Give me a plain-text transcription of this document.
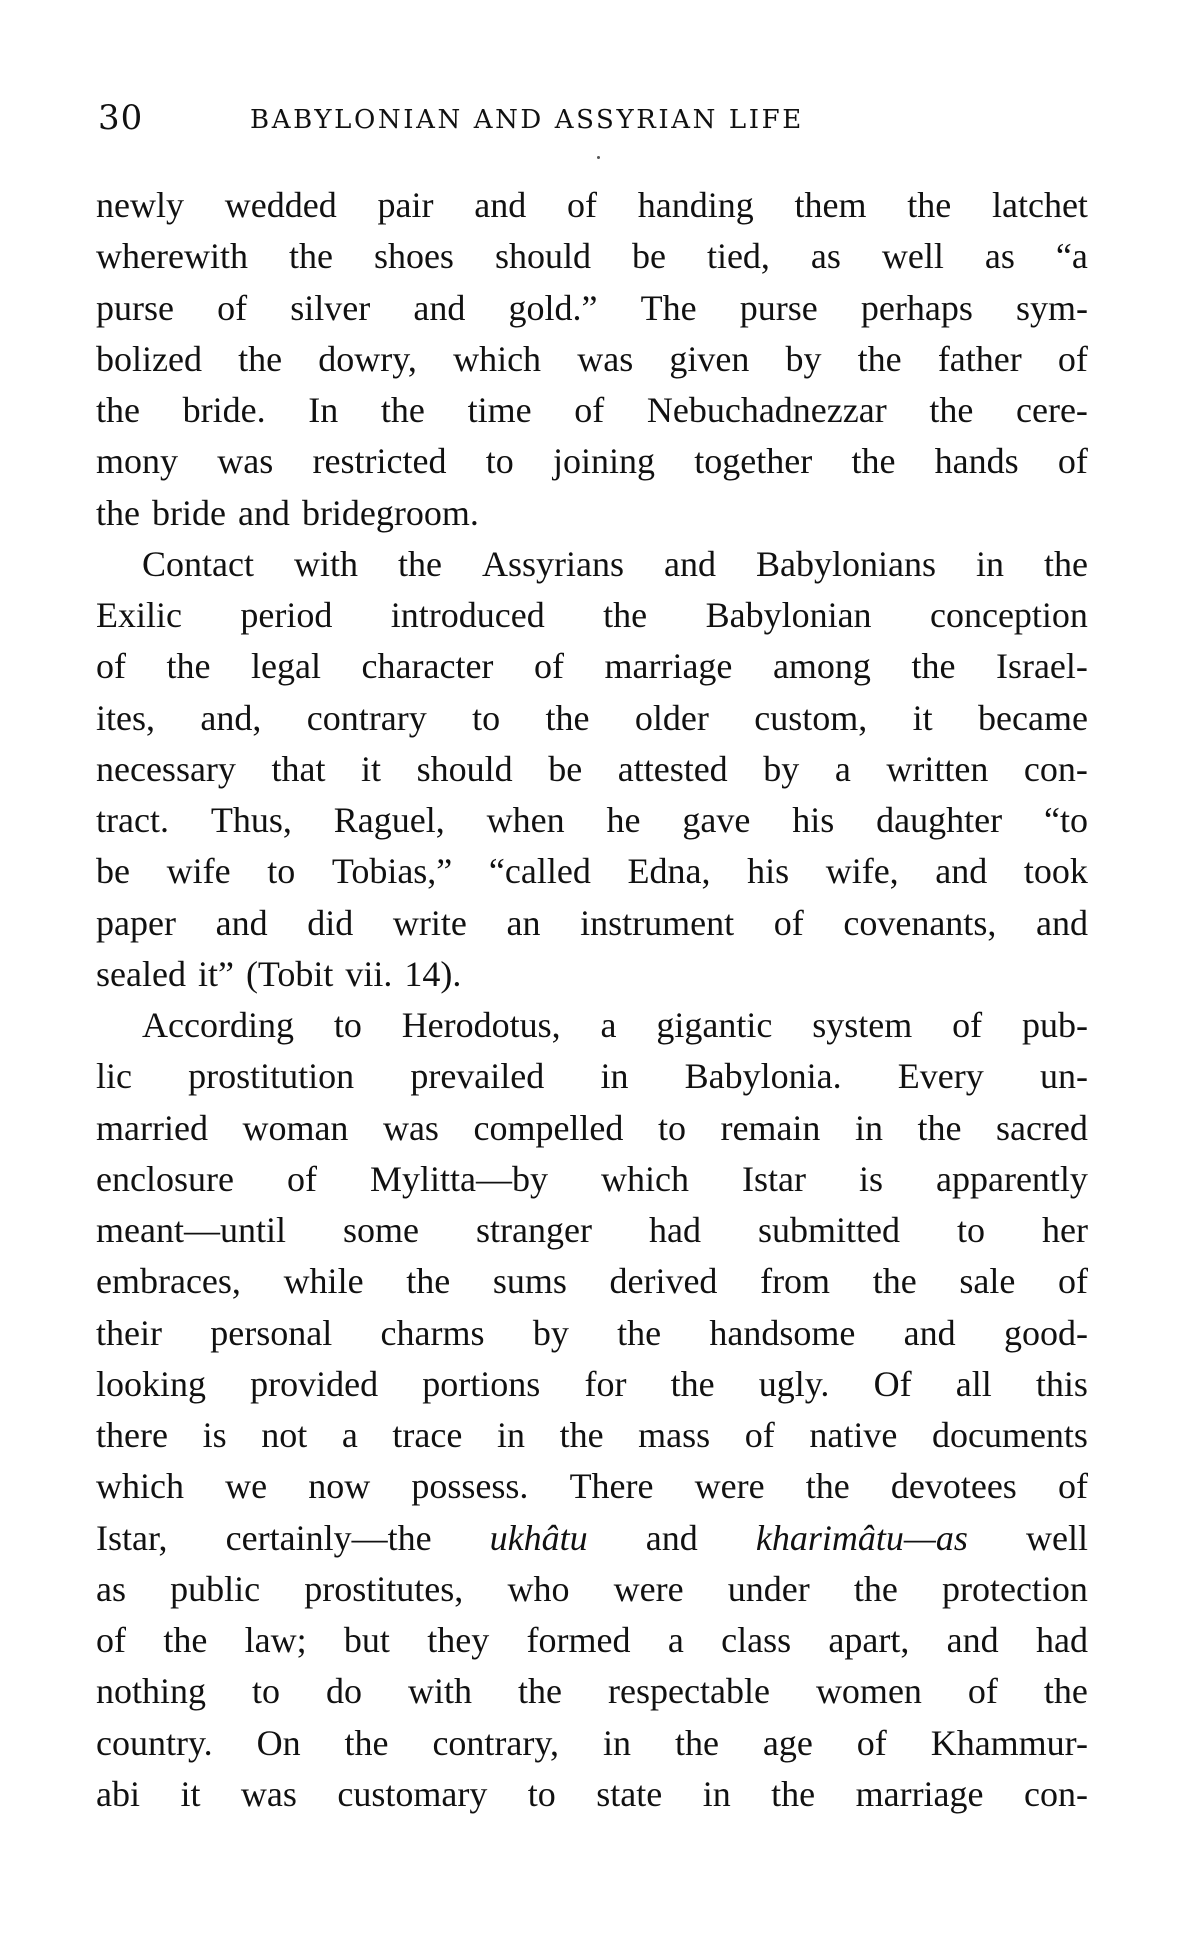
30	BABYLONIAN AND ASSYRIAN LIFE
newly wedded pair and of handing them the latchet
wherewith the shoes should be tied, as well as “a
purse of silver and gold.” The purse perhaps sym-
bolized the dowry, which was given by the father of
the bride. In the time of Nebuchadnezzar the cere-
mony was restricted to joining together the hands of
the bride and bridegroom.
Contact with the Assyrians and Babylonians in the
Exilic period introduced the Babylonian conception
of the legal character of marriage among the Israel-
ites, and, contrary to the older custom, it became
necessary that it should be attested by a written con-
tract. Thus, Raguel, when he gave his daughter “to
be wife to Tobias,” “called Edna, his wife, and took
paper and did write an instrument of covenants, and
sealed it” (Tobit vii. 14).
According to Herodotus, a gigantic system of pub-
lic prostitution prevailed in Babylonia. Every un-
married woman was compelled to remain in the sacred
enclosure of Mylitta—by which Istar is apparently
meant—until some stranger had submitted to her
embraces, while the sums derived from the sale of
their personal charms by the handsome and good-
looking provided portions for the ugly. Of all this
there is not a trace in the mass of native documents
which we now possess. There were the devotees of
Istar, certainly—the ukhâtu and kharimâtu—as well
as public prostitutes, who were under the protection
of the law; but they formed a class apart, and had
nothing to do with the respectable women of the
country. On the contrary, in the age of Khammur-
abi it was customary to state in the marriage con-
